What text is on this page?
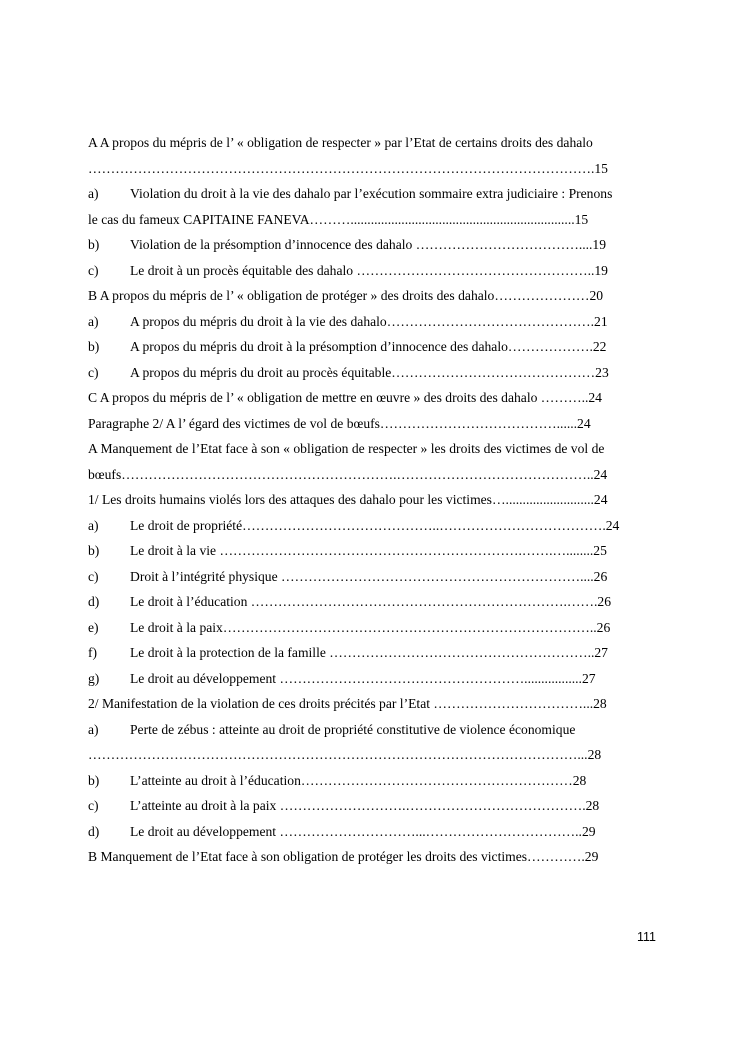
A A propos du mépris de l’ « obligation de respecter » par l’Etat de certains droits des dahalo
………………………………………………………………………………………………….15
a)	Violation du droit à la vie des dahalo par l’exécution sommaire extra judiciaire : Prenons
le cas du fameux CAPITAINE FANEVA………..................................................................15
b)	Violation de la présomption d’innocence des dahalo ………………………………....19
c)	Le droit à un procès équitable des dahalo ……………………………………………..19
B A propos du mépris de l’ « obligation de protéger » des droits des dahalo…………………20
a)	A propos du mépris du droit à la vie des dahalo……………………………………….21
b)	A propos du mépris du droit à la présomption d’innocence des dahalo……………….22
c)	A propos du mépris du droit au procès équitable………………………………………23
C A propos du mépris de l’ « obligation de mettre en œuvre » des droits des dahalo ………..24
Paragraphe 2/ A l’ égard des victimes de vol de bœufs…………………………………......24
A Manquement de l’Etat face à son « obligation de respecter » les droits des victimes de vol de
bœufs…………………………………………………….……………………………………..24
1/ Les droits humains violés lors des attaques des dahalo pour les victimes…..........................24
a)	Le droit de propriété……………………………………..……………………………….24
b)	Le droit à la vie ………………………………………………………….…….…........25
c)	Droit à l’intégrité physique …………………………………………………………....26
d)	Le droit à l’éducation …………………………………………………………….…….26
e)	Le droit à la paix………………………………………………………………………..26
f)	Le droit à la protection de la famille …………………………………………………..27
g)	Le droit au développement ……………………………………………….................27
2/ Manifestation de la violation de ces droits précités par l’Etat ……………………………...28
a)	Perte de zébus : atteinte au droit de propriété constitutive de violence économique
………………………………………………………………………………………………...28
b)	L’atteinte au droit à l’éducation……………………………………………………28
c)	L’atteinte au droit à la paix ……………………….………………………………….28
d)	Le droit au développement …………………………...……………………………..29
B Manquement de l’Etat face à son obligation de protéger les droits des victimes………….29
111
